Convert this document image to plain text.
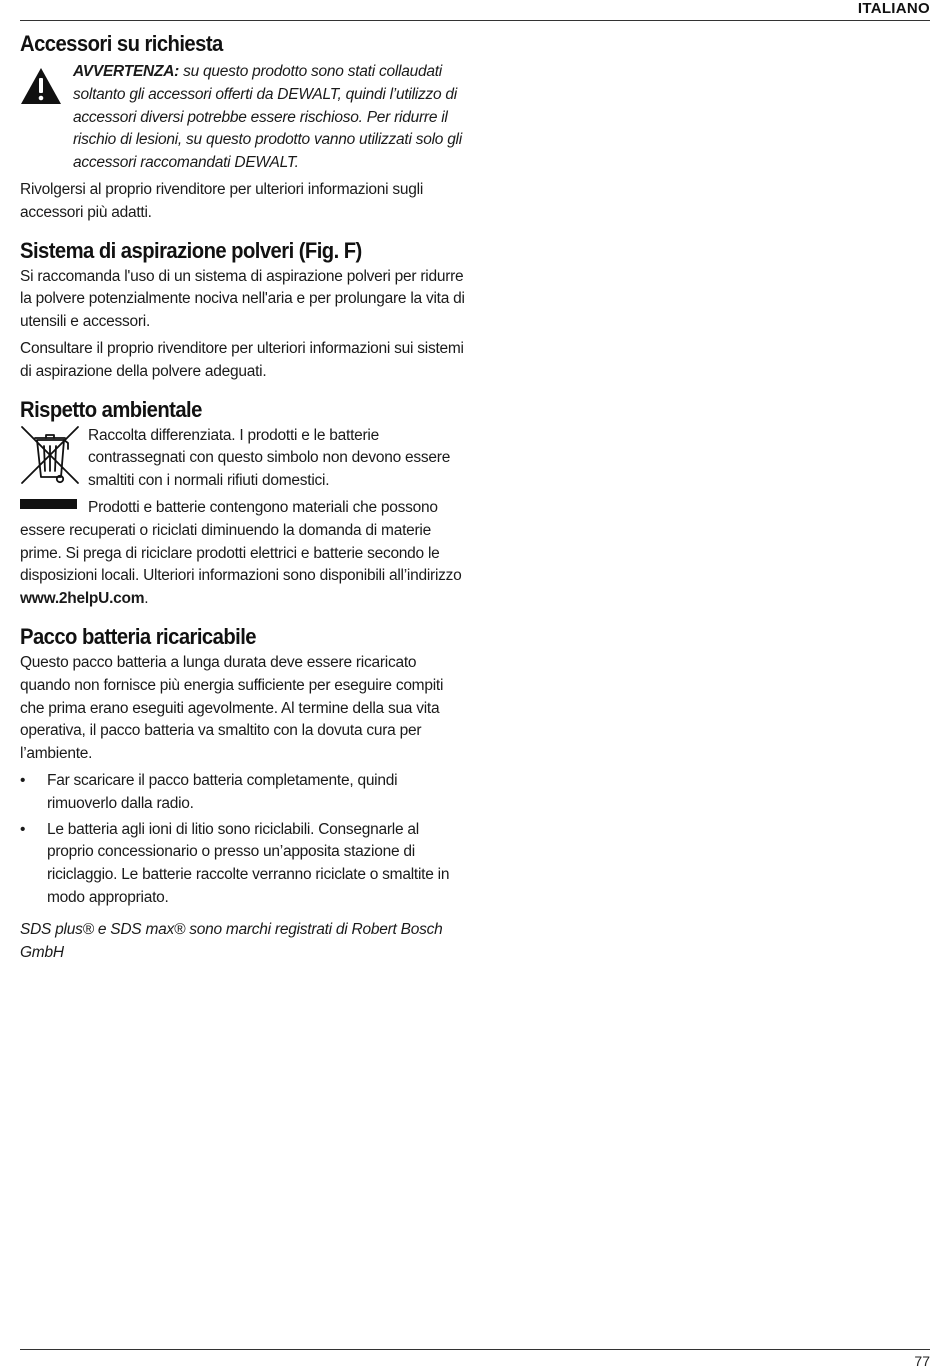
ITALIANO
Accessori su richiesta

AVVERTENZA: su questo prodotto sono stati collaudati soltanto gli accessori offerti da DEWALT, quindi l’utilizzo di accessori diversi potrebbe essere rischioso. Per ridurre il rischio di lesioni, su questo prodotto vanno utilizzati solo gli accessori raccomandati DEWALT.

Rivolgersi al proprio rivenditore per ulteriori informazioni sugli accessori più adatti.

Sistema di aspirazione polveri (Fig. F)

Si raccomanda l'uso di un sistema di aspirazione polveri per ridurre la polvere potenzialmente nociva nell'aria e per prolungare la vita di utensili e accessori.

Consultare il proprio rivenditore per ulteriori informazioni sui sistemi di aspirazione della polvere adeguati.

Rispetto ambientale

Raccolta differenziata. I prodotti e le batterie contrassegnati con questo simbolo non devono essere smaltiti con i normali rifiuti domestici.

Prodotti e batterie contengono materiali che possono essere recuperati o riciclati diminuendo la domanda di materie prime. Si prega di riciclare prodotti elettrici e batterie secondo le disposizioni locali. Ulteriori informazioni sono disponibili all’indirizzo www.2helpU.com.

Pacco batteria ricaricabile

Questo pacco batteria a lunga durata deve essere ricaricato quando non fornisce più energia sufficiente per eseguire compiti che prima erano eseguiti agevolmente. Al termine della sua vita operativa, il pacco batteria va smaltito con la dovuta cura per l’ambiente.

• Far scaricare il pacco batteria completamente, quindi rimuoverlo dalla radio.
• Le batteria agli ioni di litio sono riciclabili. Consegnarle al proprio concessionario o presso un’apposita stazione di riciclaggio. Le batterie raccolte verranno riciclate o smaltite in modo appropriato.

SDS plus® e SDS max® sono marchi registrati di Robert Bosch GmbH

77
